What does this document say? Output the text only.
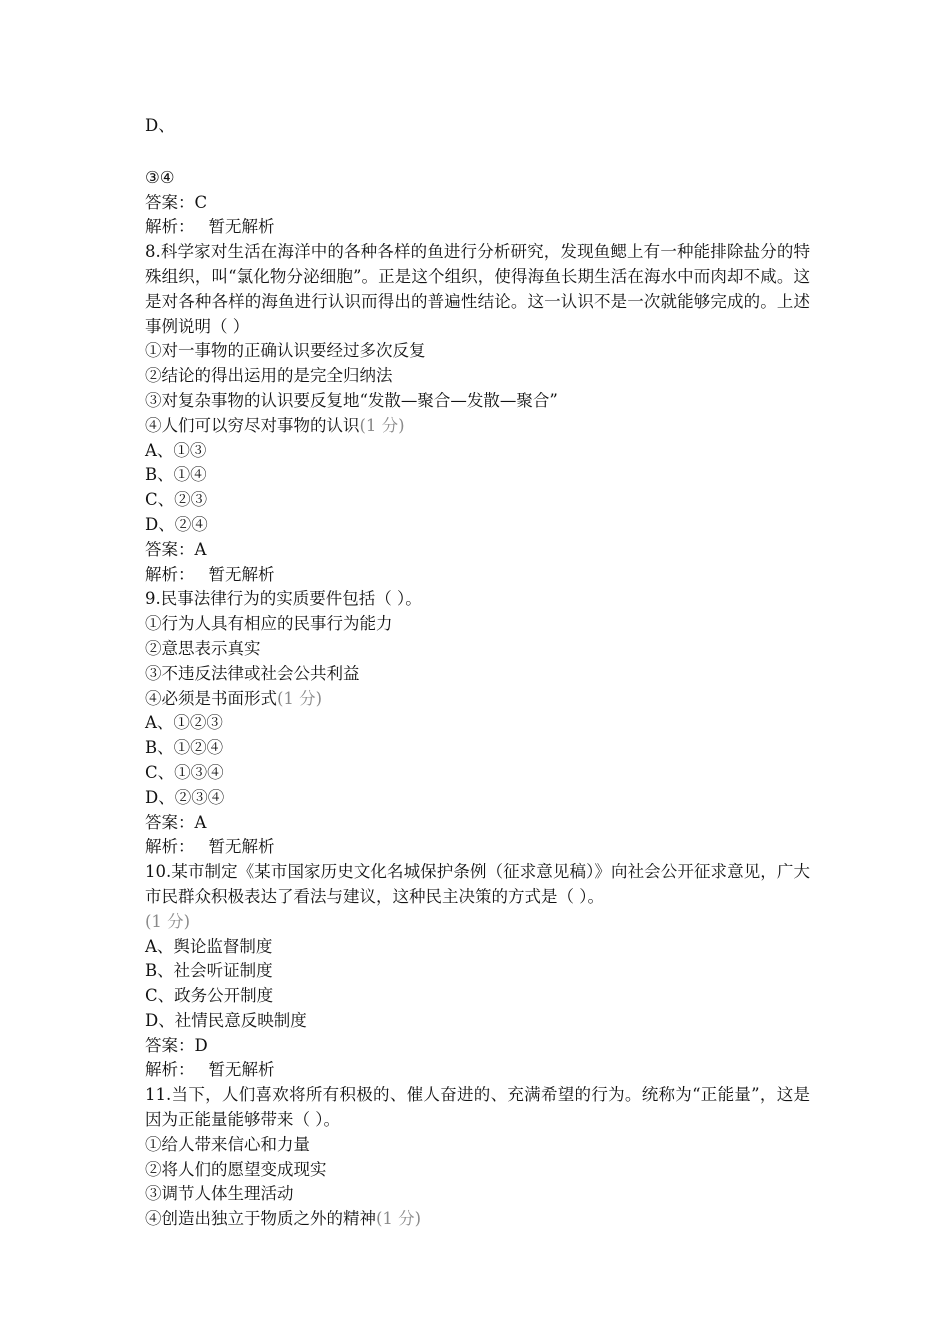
D、
③④
答案：C
解析： 暂无解析
8.科学家对生活在海洋中的各种各样的鱼进行分析研究，发现鱼鳃上有一种能排除盐分的特殊组织，叫“氯化物分泌细胞”。正是这个组织，使得海鱼长期生活在海水中而肉却不咸。这是对各种各样的海鱼进行认识而得出的普遍性结论。这一认识不是一次就能够完成的。上述事例说明（ ）
①对一事物的正确认识要经过多次反复
②结论的得出运用的是完全归纳法
③对复杂事物的认识要反复地“发散—聚合—发散—聚合”
④人们可以穷尽对事物的认识(1 分)
A、①③
B、①④
C、②③
D、②④
答案：A
解析： 暂无解析
9.民事法律行为的实质要件包括（ ）。
①行为人具有相应的民事行为能力
②意思表示真实
③不违反法律或社会公共利益
④必须是书面形式(1 分)
A、①②③
B、①②④
C、①③④
D、②③④
答案：A
解析： 暂无解析
10.某市制定《某市国家历史文化名城保护条例（征求意见稿）》向社会公开征求意见，广大市民群众积极表达了看法与建议，这种民主决策的方式是（ ）。
(1 分)
A、舆论监督制度
B、社会听证制度
C、政务公开制度
D、社情民意反映制度
答案：D
解析： 暂无解析
11.当下，人们喜欢将所有积极的、催人奋进的、充满希望的行为。统称为“正能量”，这是因为正能量能够带来（ ）。
①给人带来信心和力量
②将人们的愿望变成现实
③调节人体生理活动
④创造出独立于物质之外的精神(1 分)
